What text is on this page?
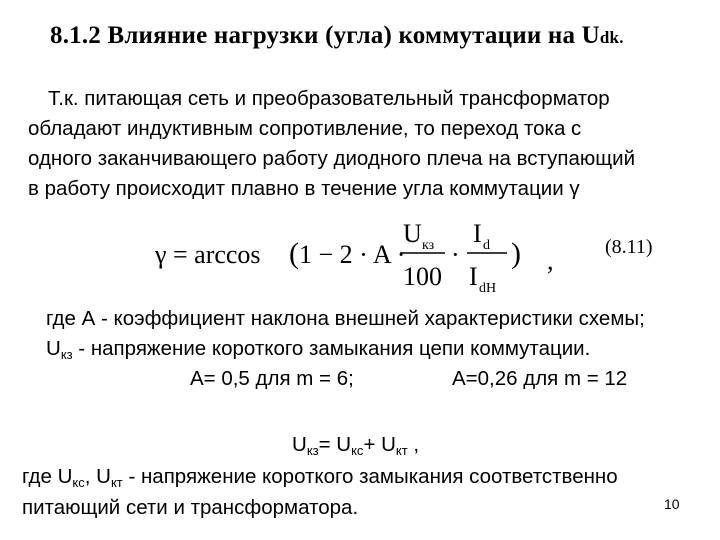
8.1.2 Влияние нагрузки (угла) коммутации на Udk.
Т.к. питающая сеть и преобразовательный трансформатор
обладают индуктивным сопротивление, то переход тока с
одного заканчивающего работу диодного плеча на вступающий
в работу происходит плавно в течение угла коммутации γ
γ = arccos ( 1 − 2 · A ·
U кз
100
·
I d
I dH
) ,	(8.11)
где А - коэффициент наклона внешней характеристики схемы;
Uкз - напряжение короткого замыкания цепи коммутации.
А= 0,5 для m = 6;	А=0,26 для m = 12
Uкз= Uкс+ Uкт ,
где Uкс, Uкт - напряжение короткого замыкания соответственно
питающий сети и трансформатора.	10
